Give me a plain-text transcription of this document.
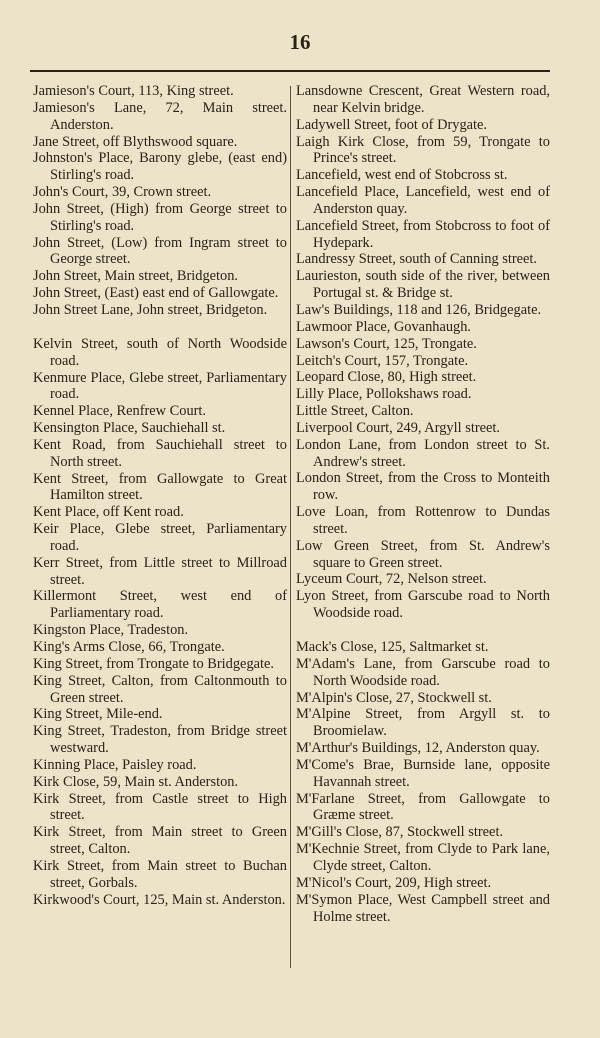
16
Jamieson's Court, 113, King street.
Jamieson's Lane, 72, Main street. Anderston.
Jane Street, off Blythswood square.
Johnston's Place, Barony glebe, (east end) Stirling's road.
John's Court, 39, Crown street.
John Street, (High) from George street to Stirling's road.
John Street, (Low) from Ingram street to George street.
John Street, Main street, Bridgeton.
John Street, (East) east end of Gallowgate.
John Street Lane, John street, Bridgeton.
Kelvin Street, south of North Woodside road.
Kenmure Place, Glebe street, Parliamentary road.
Kennel Place, Renfrew Court.
Kensington Place, Sauchiehall st.
Kent Road, from Sauchiehall street to North street.
Kent Street, from Gallowgate to Great Hamilton street.
Kent Place, off Kent road.
Keir Place, Glebe street, Parliamentary road.
Kerr Street, from Little street to Millroad street.
Killermont Street, west end of Parliamentary road.
Kingston Place, Tradeston.
King's Arms Close, 66, Trongate.
King Street, from Trongate to Bridgegate.
King Street, Calton, from Caltonmouth to Green street.
King Street, Mile-end.
King Street, Tradeston, from Bridge street westward.
Kinning Place, Paisley road.
Kirk Close, 59, Main st. Anderston.
Kirk Street, from Castle street to High street.
Kirk Street, from Main street to Green street, Calton.
Kirk Street, from Main street to Buchan street, Gorbals.
Kirkwood's Court, 125, Main st. Anderston.
Lansdowne Crescent, Great Western road, near Kelvin bridge.
Ladywell Street, foot of Drygate.
Laigh Kirk Close, from 59, Trongate to Prince's street.
Lancefield, west end of Stobcross st.
Lancefield Place, Lancefield, west end of Anderston quay.
Lancefield Street, from Stobcross to foot of Hydepark.
Landressy Street, south of Canning street.
Laurieston, south side of the river, between Portugal st. & Bridge st.
Law's Buildings, 118 and 126, Bridgegate.
Lawmoor Place, Govanhaugh.
Lawson's Court, 125, Trongate.
Leitch's Court, 157, Trongate.
Leopard Close, 80, High street.
Lilly Place, Pollokshaws road.
Little Street, Calton.
Liverpool Court, 249, Argyll street.
London Lane, from London street to St. Andrew's street.
London Street, from the Cross to Monteith row.
Love Loan, from Rottenrow to Dundas street.
Low Green Street, from St. Andrew's square to Green street.
Lyceum Court, 72, Nelson street.
Lyon Street, from Garscube road to North Woodside road.
Mack's Close, 125, Saltmarket st.
M'Adam's Lane, from Garscube road to North Woodside road.
M'Alpin's Close, 27, Stockwell st.
M'Alpine Street, from Argyll st. to Broomielaw.
M'Arthur's Buildings, 12, Anderston quay.
M'Come's Brae, Burnside lane, opposite Havannah street.
M'Farlane Street, from Gallowgate to Græme street.
M'Gill's Close, 87, Stockwell street.
M'Kechnie Street, from Clyde to Park lane, Clyde street, Calton.
M'Nicol's Court, 209, High street.
M'Symon Place, West Campbell street and Holme street.
